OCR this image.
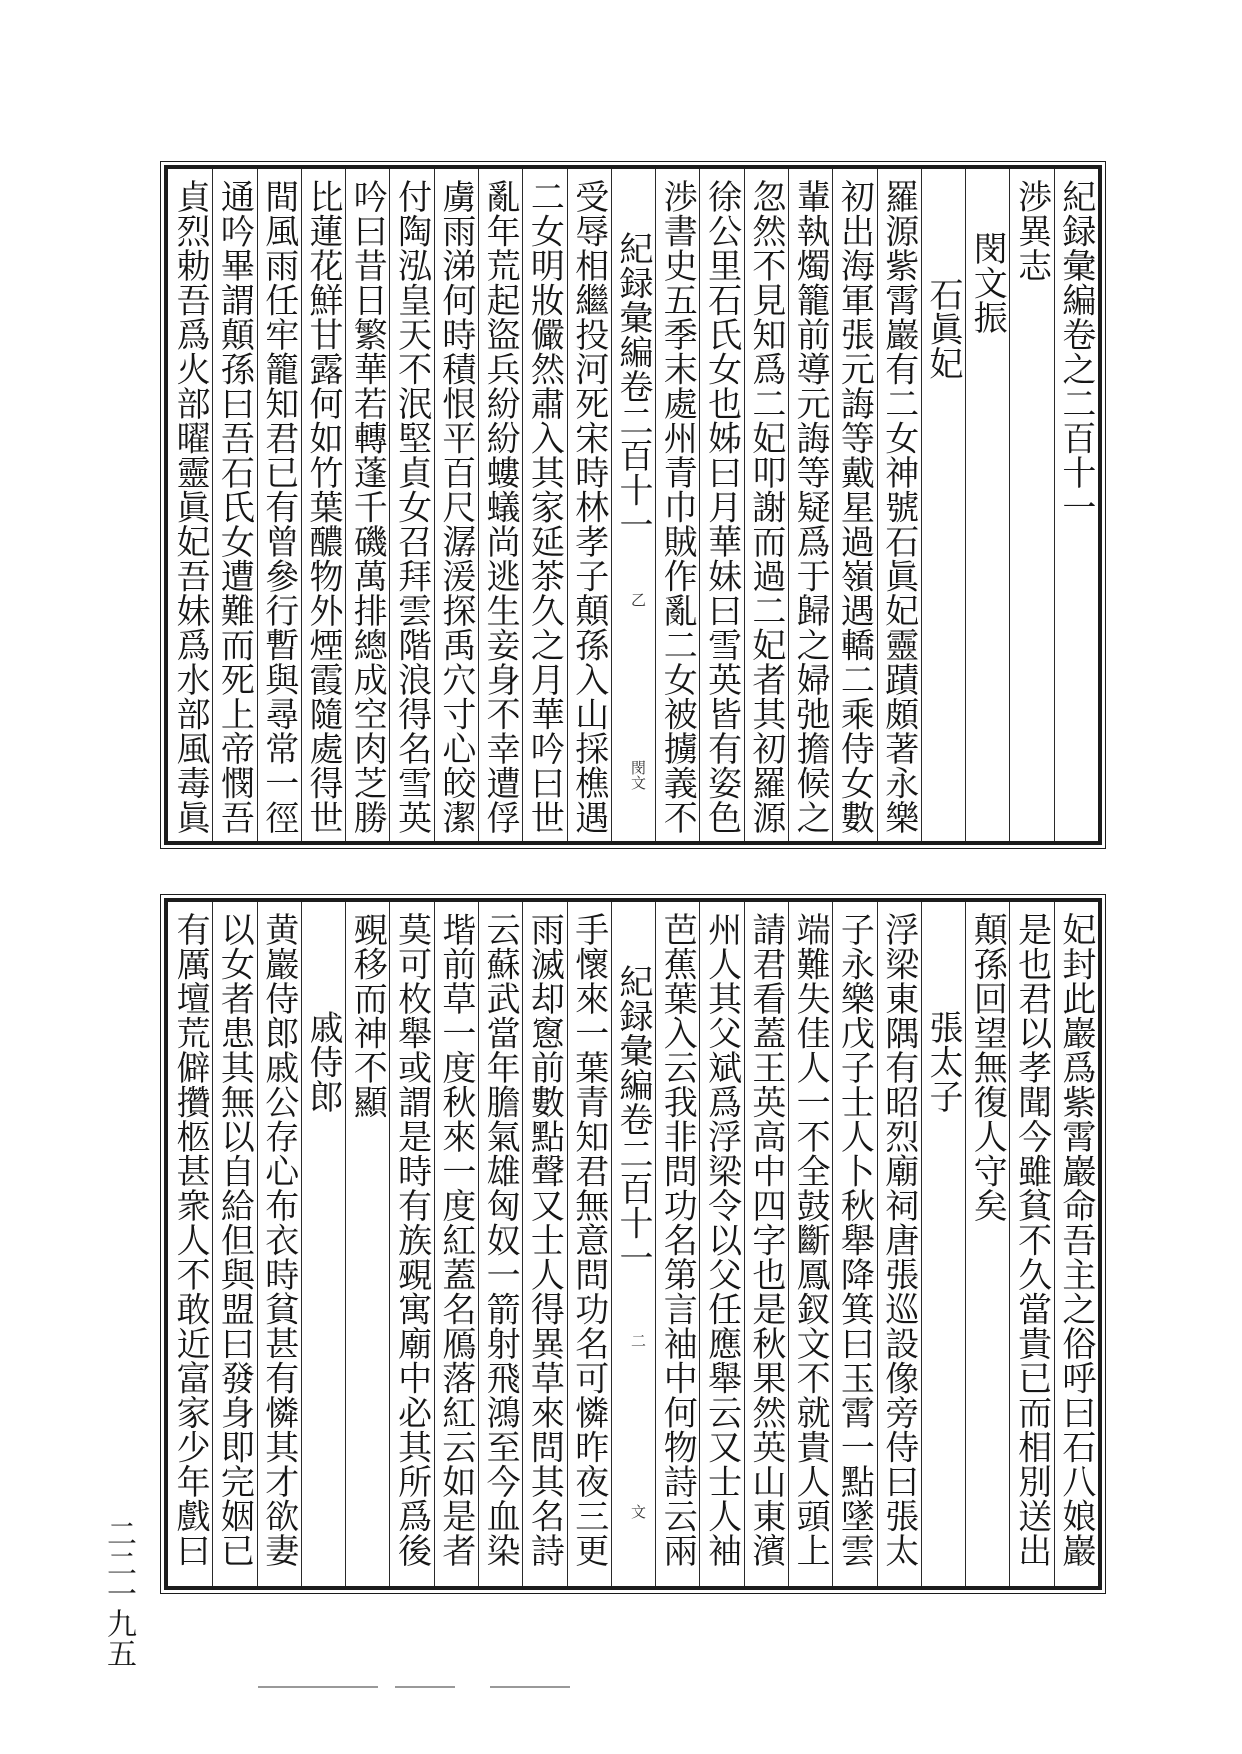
紀録彙編卷之二百十一
渉異志
閔文振
石眞妃
羅源紫霄巖有二女神號石眞妃靈蹟頗著永樂
初出海軍張元誨等戴星過嶺遇轎二乘侍女數
輩執燭籠前導元誨等疑爲于歸之婦弛擔候之
忽然不見知爲二妃叩謝而過二妃者其初羅源
徐公里石氏女也姊曰月華妹曰雪英皆有姿色
渉書史五季末處州青巾賊作亂二女被擄義不
紀録彙編卷二百十一
受辱相繼投河死宋時林孝子顛孫入山採樵遇
二女明妝儼然肅入其家延茶久之月華吟曰世
亂年荒起盜兵紛紛螻蟻尚逃生妾身不幸遭俘
虜雨涕何時積恨平百尺潺湲探禹穴寸心皎潔
付陶泓皇天不泯堅貞女召拜雲階浪得名雪英
吟曰昔日繁華若轉蓬千磯萬排總成空肉芝勝
比蓮花鮮甘露何如竹葉醲物外煙霞隨處得世
間風雨任牢籠知君已有曾參行暫與尋常一徑
通吟畢謂顛孫曰吾石氏女遭難而死上帝憫吾
貞烈勅吾爲火部曜靈眞妃吾妹爲水部風毒眞	乙
閔文
妃封此巖爲紫霄巖命吾主之俗呼曰石八娘巖
是也君以孝聞今雖貧不久當貴已而相別送出
顛孫回望無復人守矣
張太子
浮梁東隅有昭烈廟祠唐張巡設像旁侍曰張太
子永樂戊子士人卜秋舉降箕曰玉霄一點墜雲
端難失佳人一不全鼓斷鳳釵文不就貴人頭上
請君看蓋王英高中四字也是秋果然英山東濱
州人其父斌爲浮梁令以父任應舉云又士人袖
芭蕉葉入云我非問功名第言袖中何物詩云兩
紀録彙編卷二百十一
手懷來一葉青知君無意問功名可憐昨夜三更
雨滅却窻前數點聲又士人得異草來問其名詩
云蘇武當年膽氣雄匈奴一箭射飛鴻至今血染
堦前草一度秋來一度紅蓋名鴈落紅云如是者
莫可枚舉或謂是時有族覡寓廟中必其所爲後
覡移而神不顯
戚侍郎
黄巖侍郎戚公存心布衣時貧甚有憐其才欲妻
以女者患其無以自給但與盟曰發身即完姻已
有厲壇荒僻攢柩甚衆人不敢近富家少年戲曰	二
文
二二一九五
